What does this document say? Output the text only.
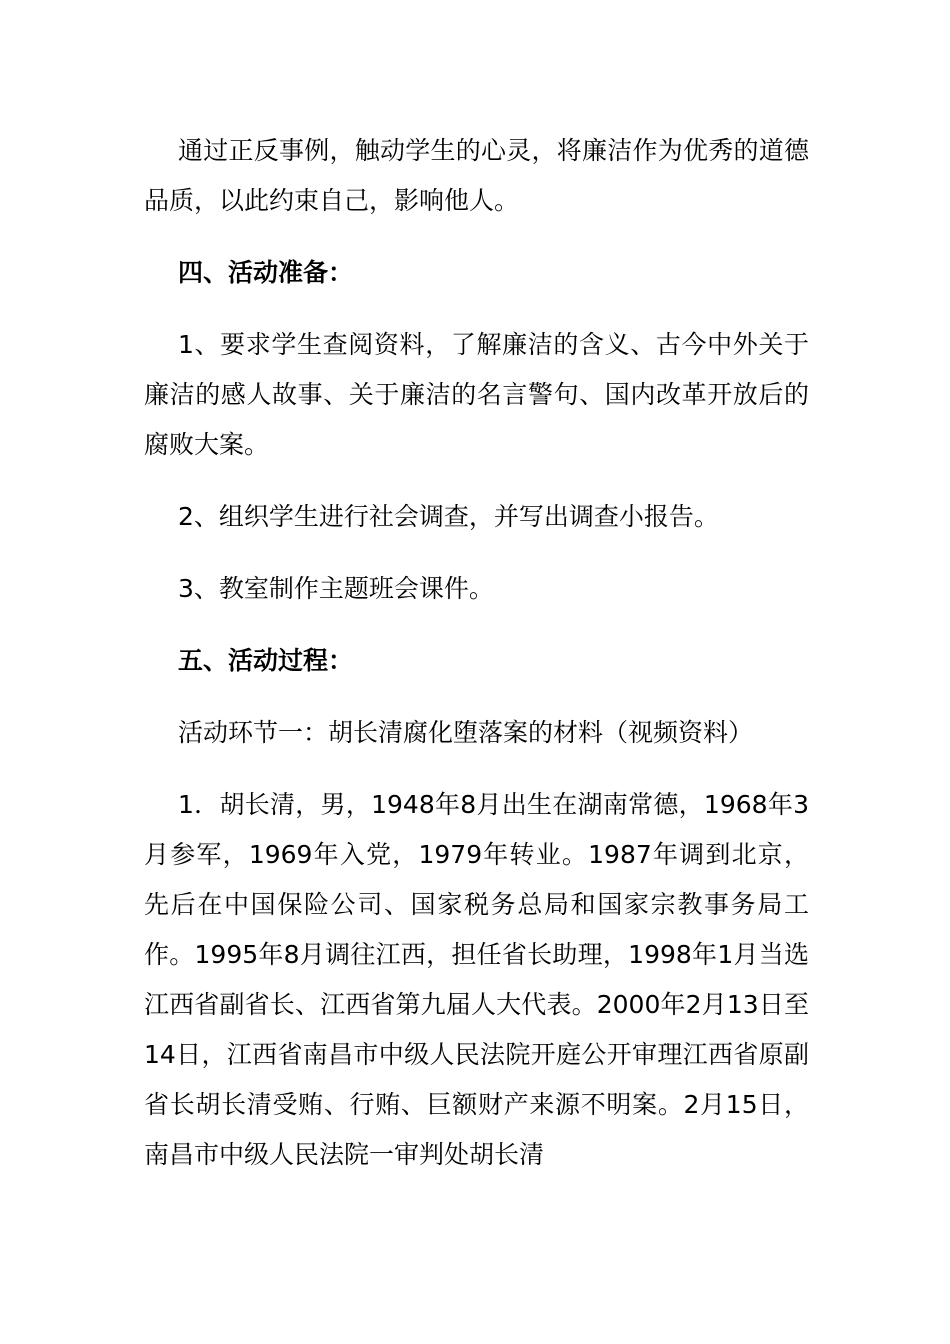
通过正反事例，触动学生的心灵，将廉洁作为优秀的道德品质，以此约束自己，影响他人。

四、活动准备：

1、要求学生查阅资料，了解廉洁的含义、古今中外关于廉洁的感人故事、关于廉洁的名言警句、国内改革开放后的腐败大案。

2、组织学生进行社会调查，并写出调查小报告。

3、教室制作主题班会课件。

五、活动过程：

活动环节一：胡长清腐化堕落案的材料（视频资料）

1．胡长清，男，1948年8月出生在湖南常德，1968年3月参军，1969年入党，1979年转业。1987年调到北京，先后在中国保险公司、国家税务总局和国家宗教事务局工作。1995年8月调往江西，担任省长助理，1998年1月当选江西省副省长、江西省第九届人大代表。2000年2月13日至14日，江西省南昌市中级人民法院开庭公开审理江西省原副省长胡长清受贿、行贿、巨额财产来源不明案。2月15日，南昌市中级人民法院一审判处胡长清
